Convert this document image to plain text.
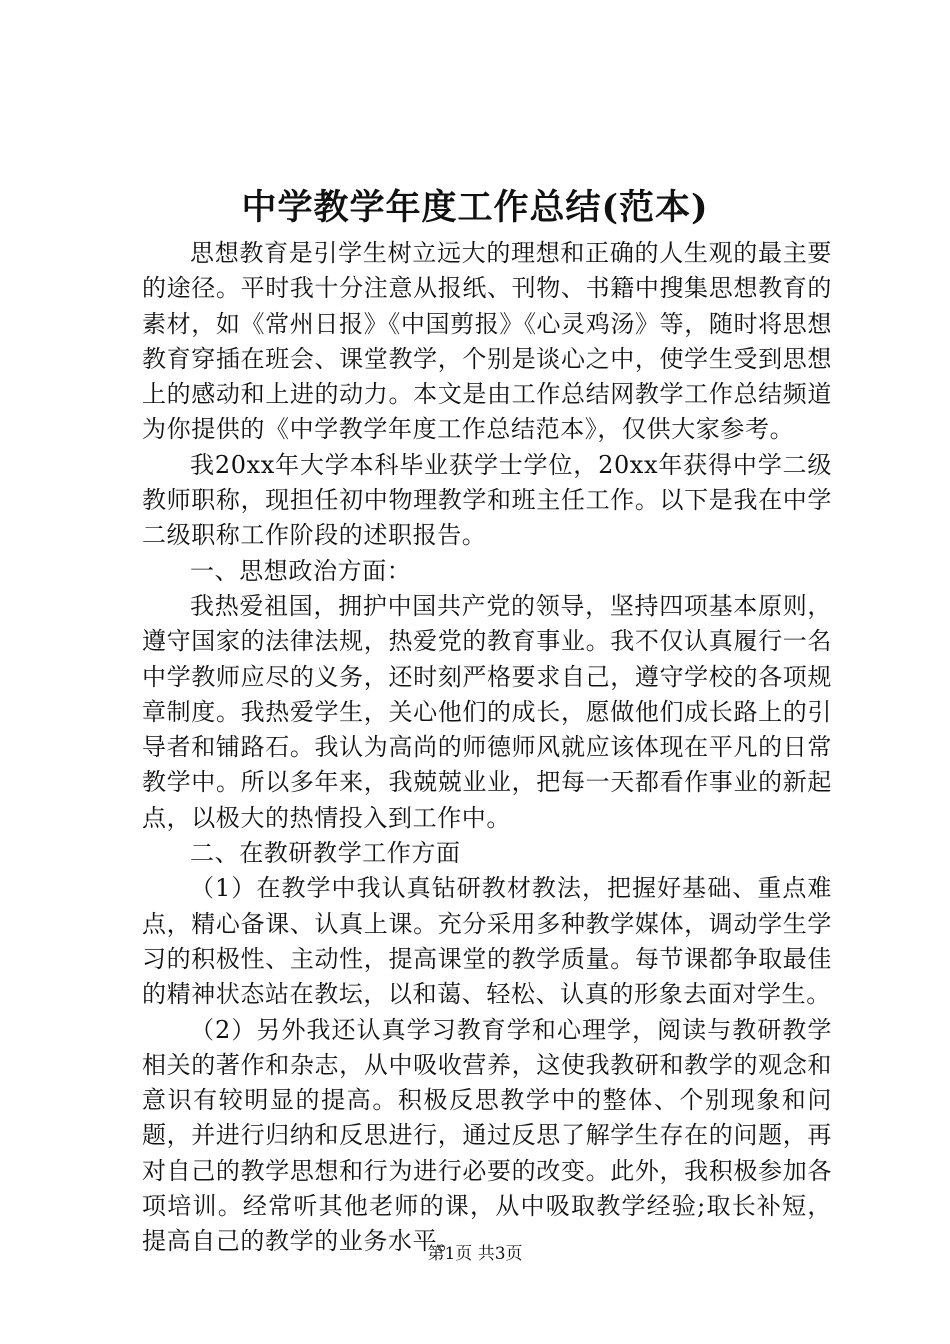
中学教学年度工作总结(范本)

思想教育是引学生树立远大的理想和正确的人生观的最主要的途径。平时我十分注意从报纸、刊物、书籍中搜集思想教育的素材，如《常州日报》《中国剪报》《心灵鸡汤》等，随时将思想教育穿插在班会、课堂教学，个别是谈心之中，使学生受到思想上的感动和上进的动力。本文是由工作总结网教学工作总结频道为你提供的《中学教学年度工作总结范本》，仅供大家参考。

我20xx年大学本科毕业获学士学位，20xx年获得中学二级教师职称，现担任初中物理教学和班主任工作。以下是我在中学二级职称工作阶段的述职报告。

一、思想政治方面：

我热爱祖国，拥护中国共产党的领导，坚持四项基本原则，遵守国家的法律法规，热爱党的教育事业。我不仅认真履行一名中学教师应尽的义务，还时刻严格要求自己，遵守学校的各项规章制度。我热爱学生，关心他们的成长，愿做他们成长路上的引导者和铺路石。我认为高尚的师德师风就应该体现在平凡的日常教学中。所以多年来，我兢兢业业，把每一天都看作事业的新起点，以极大的热情投入到工作中。

二、在教研教学工作方面

（1）在教学中我认真钻研教材教法，把握好基础、重点难点，精心备课、认真上课。充分采用多种教学媒体，调动学生学习的积极性、主动性，提高课堂的教学质量。每节课都争取最佳的精神状态站在教坛，以和蔼、轻松、认真的形象去面对学生。

（2）另外我还认真学习教育学和心理学，阅读与教研教学相关的著作和杂志，从中吸收营养，这使我教研和教学的观念和意识有较明显的提高。积极反思教学中的整体、个别现象和问题，并进行归纳和反思进行，通过反思了解学生存在的问题，再对自己的教学思想和行为进行必要的改变。此外，我积极参加各项培训。经常听其他老师的课，从中吸取教学经验;取长补短，提高自己的教学的业务水平。

第1页 共3页
